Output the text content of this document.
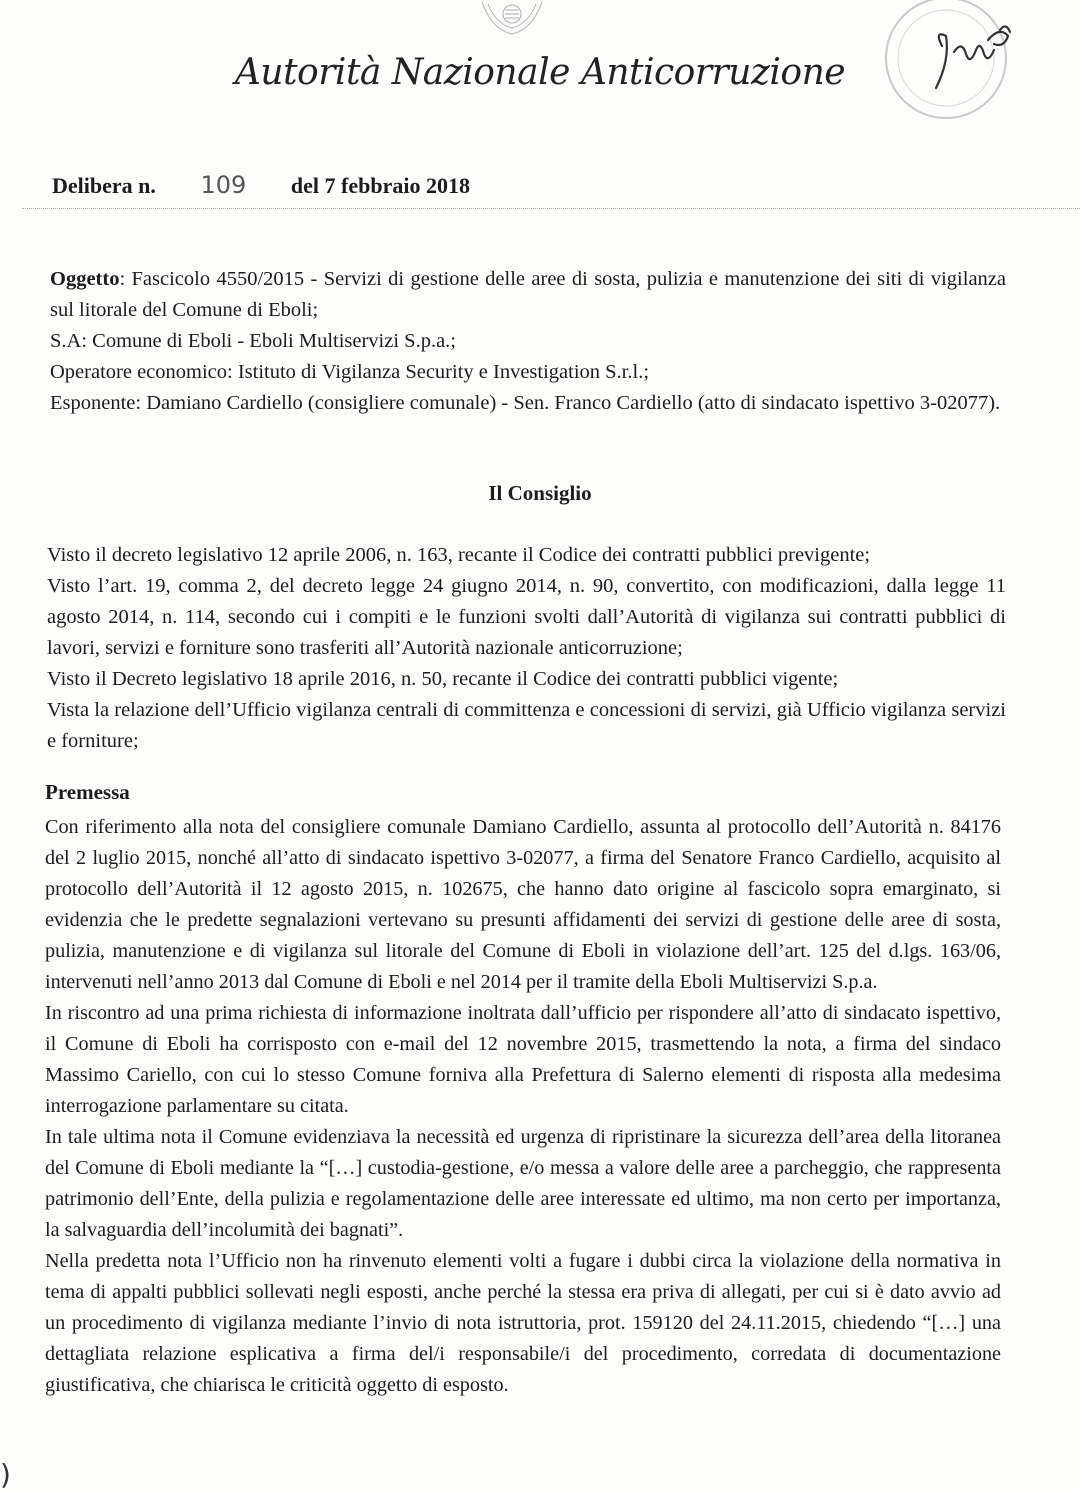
Autorità Nazionale Anticorruzione
Delibera n. 109 del 7 febbraio 2018

Oggetto: Fascicolo 4550/2015 - Servizi di gestione delle aree di sosta, pulizia e manutenzione dei siti di vigilanza sul litorale del Comune di Eboli;

S.A: Comune di Eboli - Eboli Multiservizi S.p.a.;

Operatore economico: Istituto di Vigilanza Security e Investigation S.r.l.;

Esponente: Damiano Cardiello (consigliere comunale) - Sen. Franco Cardiello (atto di sindacato ispettivo 3-02077).

Il Consiglio

Visto il decreto legislativo 12 aprile 2006, n. 163, recante il Codice dei contratti pubblici previgente;

Visto l’art. 19, comma 2, del decreto legge 24 giugno 2014, n. 90, convertito, con modificazioni, dalla legge 11 agosto 2014, n. 114, secondo cui i compiti e le funzioni svolti dall’Autorità di vigilanza sui contratti pubblici di lavori, servizi e forniture sono trasferiti all’Autorità nazionale anticorruzione;

Visto il Decreto legislativo 18 aprile 2016, n. 50, recante il Codice dei contratti pubblici vigente;

Vista la relazione dell’Ufficio vigilanza centrali di committenza e concessioni di servizi, già Ufficio vigilanza servizi e forniture;

Premessa

Con riferimento alla nota del consigliere comunale Damiano Cardiello, assunta al protocollo dell’Autorità n. 84176 del 2 luglio 2015, nonché all’atto di sindacato ispettivo 3-02077, a firma del Senatore Franco Cardiello, acquisito al protocollo dell’Autorità il 12 agosto 2015, n. 102675, che hanno dato origine al fascicolo sopra emarginato, si evidenzia che le predette segnalazioni vertevano su presunti affidamenti dei servizi di gestione delle aree di sosta, pulizia, manutenzione e di vigilanza sul litorale del Comune di Eboli in violazione dell’art. 125 del d.lgs. 163/06, intervenuti nell’anno 2013 dal Comune di Eboli e nel 2014 per il tramite della Eboli Multiservizi S.p.a.

In riscontro ad una prima richiesta di informazione inoltrata dall’ufficio per rispondere all’atto di sindacato ispettivo, il Comune di Eboli ha corrisposto con e-mail del 12 novembre 2015, trasmettendo la nota, a firma del sindaco Massimo Cariello, con cui lo stesso Comune forniva alla Prefettura di Salerno elementi di risposta alla medesima interrogazione parlamentare su citata.

In tale ultima nota il Comune evidenziava la necessità ed urgenza di ripristinare la sicurezza dell’area della litoranea del Comune di Eboli mediante la “[…] custodia-gestione, e/o messa a valore delle aree a parcheggio, che rappresenta patrimonio dell’Ente, della pulizia e regolamentazione delle aree interessate ed ultimo, ma non certo per importanza, la salvaguardia dell’incolumità dei bagnati”.

Nella predetta nota l’Ufficio non ha rinvenuto elementi volti a fugare i dubbi circa la violazione della normativa in tema di appalti pubblici sollevati negli esposti, anche perché la stessa era priva di allegati, per cui si è dato avvio ad un procedimento di vigilanza mediante l’invio di nota istruttoria, prot. 159120 del 24.11.2015, chiedendo “[…] una dettagliata relazione esplicativa a firma del/i responsabile/i del procedimento, corredata di documentazione giustificativa, che chiarisca le criticità oggetto di esposto.

)
